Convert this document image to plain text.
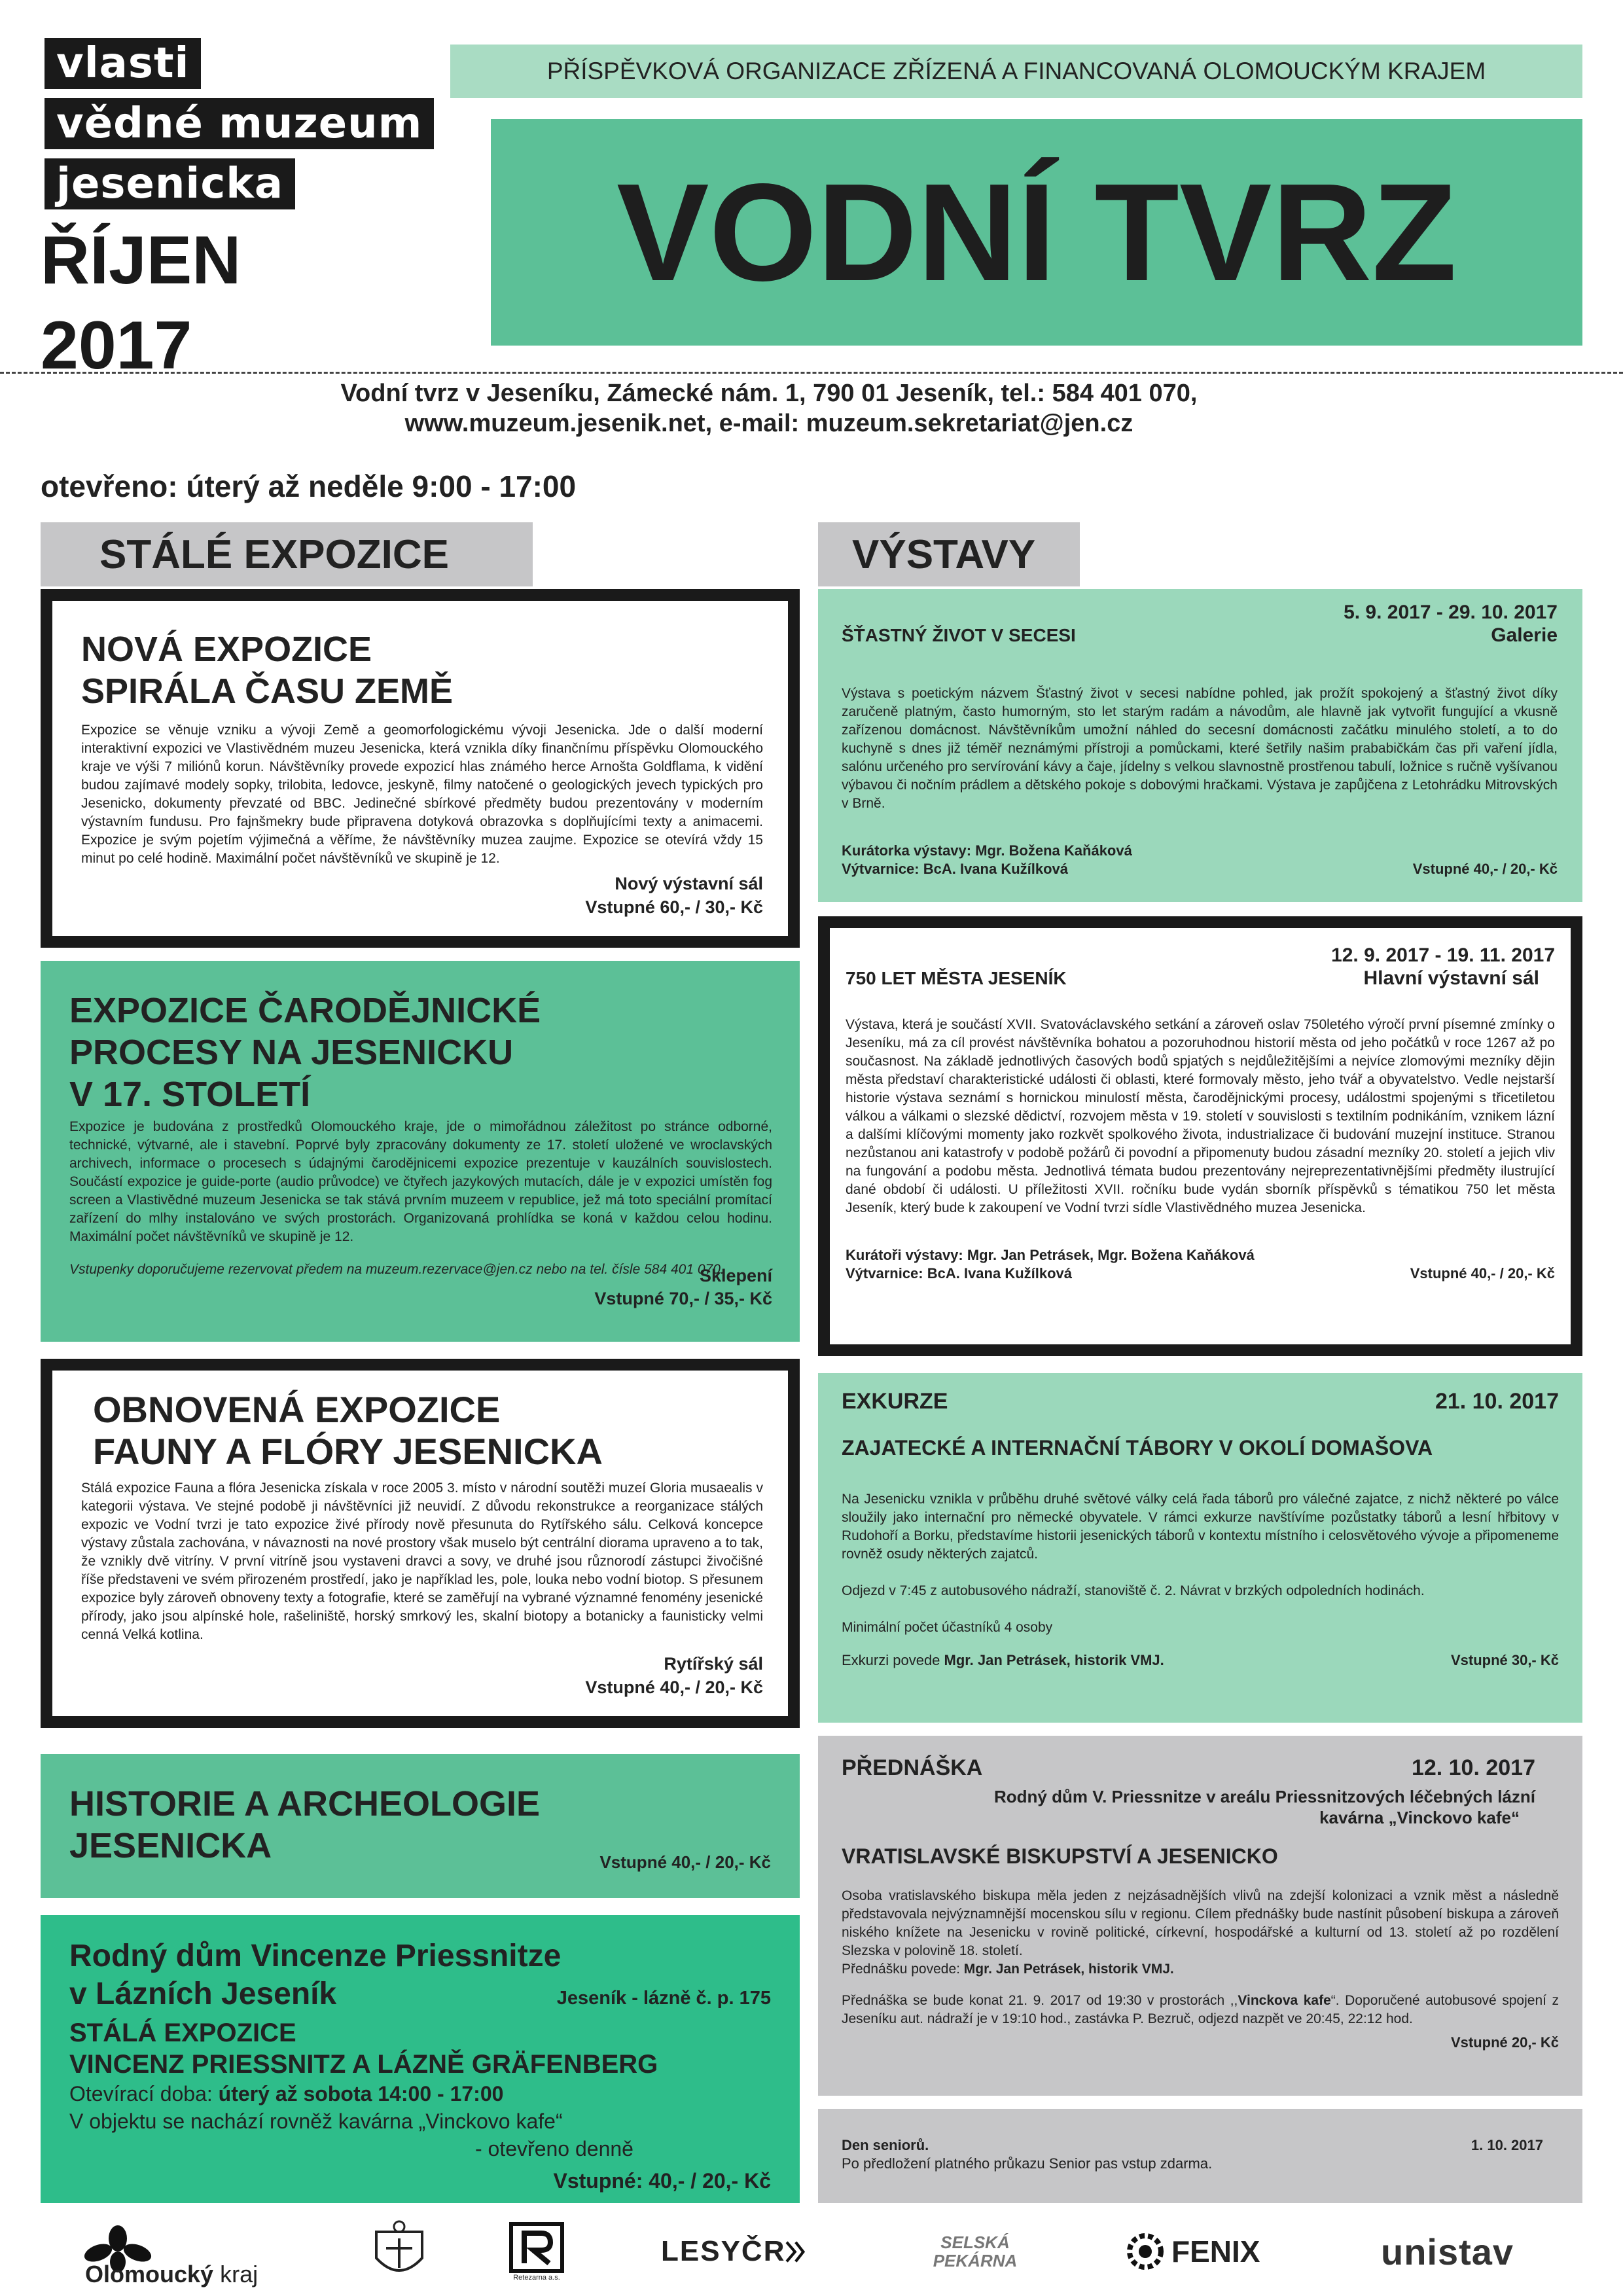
vlasti
vědné muzeum
jesenicka
ŘÍJEN
2017
PŘÍSPĚVKOVÁ ORGANIZACE ZŘÍZENÁ A FINANCOVANÁ OLOMOUCKÝM KRAJEM
VODNÍ TVRZ
Vodní tvrz v Jeseníku, Zámecké nám. 1, 790 01 Jeseník, tel.: 584 401 070,
www.muzeum.jesenik.net, e-mail: muzeum.sekretariat@jen.cz
otevřeno: úterý až neděle 9:00 - 17:00
STÁLÉ EXPOZICE
NOVÁ EXPOZICE
SPIRÁLA ČASU ZEMĚ

Expozice se věnuje vzniku a vývoji Země a geomorfologickému vývoji Jesenicka. Jde o další moderní interaktivní expozici ve Vlastivědném muzeu Jesenicka, která vznikla díky finančnímu příspěvku Olomouckého kraje ve výši 7 miliónů korun. Návštěvníky provede expozicí hlas známého herce Arnošta Goldflama, k vidění budou zajímavé modely sopky, trilobita, ledovce, jeskyně, filmy natočené o geologických jevech typických pro Jesenicko, dokumenty převzaté od BBC. Jedinečné sbírkové předměty budou prezentovány v moderním výstavním fundusu. Pro fajnšmekry bude připravena dotyková obrazovka s doplňujícími texty a animacemi. Expozice je svým pojetím výjimečná a věříme, že návštěvníky muzea zaujme. Expozice se otevírá vždy 15 minut po celé hodině. Maximální počet návštěvníků ve skupině je 12.

Nový výstavní sál
Vstupné 60,- / 30,- Kč
EXPOZICE ČARODĚJNICKÉ
PROCESY NA JESENICKU
V 17. STOLETÍ

Expozice je budována z prostředků Olomouckého kraje, jde o mimořádnou záležitost po stránce odborné, technické, výtvarné, ale i stavební. Poprvé byly zpracovány dokumenty ze 17. století uložené ve wroclavských archivech, informace o procesech s údajnými čarodějnicemi expozice prezentuje v kauzálních souvislostech. Součástí expozice je guide-porte (audio průvodce) ve čtyřech jazykových mutacích, dále je v expozici umístěn fog screen a Vlastivědné muzeum Jesenicka se tak stává prvním muzeem v republice, jež má toto speciální promítací zařízení do mlhy instalováno ve svých prostorách. Organizovaná prohlídka se koná v každou celou hodinu. Maximální počet návštěvníků ve skupině je 12.

Vstupenky doporučujeme rezervovat předem na muzeum.rezervace@jen.cz nebo na tel. čísle 584 401 070.

Sklepení
Vstupné 70,- / 35,- Kč
OBNOVENÁ EXPOZICE
FAUNY A FLÓRY JESENICKA

Stálá expozice Fauna a flóra Jesenicka získala v roce 2005 3. místo v národní soutěži muzeí Gloria musaealis v kategorii výstava. Ve stejné podobě ji návštěvníci již neuvidí. Z důvodu rekonstrukce a reorganizace stálých expozic ve Vodní tvrzi je tato expozice živé přírody nově přesunuta do Rytířského sálu. Celková koncepce výstavy zůstala zachována, v návaznosti na nové prostory však muselo být centrální diorama upraveno a to tak, že vznikly dvě vitríny. V první vitríně jsou vystaveni dravci a sovy, ve druhé jsou různorodí zástupci živočišné říše představeni ve svém přirozeném prostředí, jako je například les, pole, louka nebo vodní biotop. S přesunem expozice byly zároveň obnoveny texty a fotografie, které se zaměřují na vybrané významné fenomény jesenické přírody, jako jsou alpínské hole, rašeliniště, horský smrkový les, skalní biotopy a botanicky a faunisticky velmi cenná Velká kotlina.

Rytířský sál
Vstupné 40,- / 20,- Kč
HISTORIE A ARCHEOLOGIE
JESENICKA	Vstupné 40,- / 20,- Kč
Rodný dům Vincenze Priessnitze
v Lázních Jeseník	Jeseník - lázně č. p. 175
STÁLÁ EXPOZICE
VINCENZ PRIESSNITZ A LÁZNĚ GRÄFENBERG
Otevírací doba: úterý až sobota 14:00 - 17:00
V objektu se nachází rovněž kavárna „Vinckovo kafe“
- otevřeno denně
Vstupné: 40,- / 20,- Kč
VÝSTAVY
5. 9. 2017 - 29. 10. 2017
ŠŤASTNÝ ŽIVOT V SECESI	Galerie

Výstava s poetickým názvem Šťastný život v secesi nabídne pohled, jak prožít spokojený a šťastný život díky zaručeně platným, často humorným, sto let starým radám a návodům, ale hlavně jak vytvořit fungující a vkusně zařízenou domácnost. Návštěvníkům umožní náhled do secesní domácnosti začátku minulého století, a to do kuchyně s dnes již téměř neznámými přístroji a pomůckami, které šetřily našim prababičkám čas při vaření jídla, salónu určeného pro servírování kávy a čaje, jídelny s velkou slavnostně prostřenou tabulí, ložnice s ručně vyšívanou výbavou či nočním prádlem a dětského pokoje s dobovými hračkami. Výstava je zapůjčena z Letohrádku Mitrovských v Brně.

Kurátorka výstavy: Mgr. Božena Kaňáková
Výtvarnice: BcA. Ivana Kužílková	Vstupné 40,- / 20,- Kč
12. 9. 2017 - 19. 11. 2017
750 LET MĚSTA JESENÍK	Hlavní výstavní sál

Výstava, která je součástí XVII. Svatováclavského setkání a zároveň oslav 750letého výročí první písemné zmínky o Jeseníku, má za cíl provést návštěvníka bohatou a pozoruhodnou historií města od jeho počátků v roce 1267 až po současnost. Na základě jednotlivých časových bodů spjatých s nejdůležitějšími a nejvíce zlomovými mezníky dějin města představí charakteristické události či oblasti, které formovaly město, jeho tvář a obyvatelstvo. Vedle nejstarší historie výstava seznámí s hornickou minulostí města, čarodějnickými procesy, událostmi spojenými s třicetiletou válkou a válkami o slezské dědictví, rozvojem města v 19. století v souvislosti s textilním podnikáním, vznikem lázní a dalšími klíčovými momenty jako rozkvět spolkového života, industrializace či budování muzejní instituce. Stranou nezůstanou ani katastrofy v podobě požárů či povodní a připomenuty budou zásadní mezníky 20. století a jejich vliv na fungování a podobu města. Jednotlivá témata budou prezentovány nejreprezentativnějšími předměty ilustrující dané období či události. U příležitosti XVII. ročníku bude vydán sborník příspěvků s tématikou 750 let města Jeseník, který bude k zakoupení ve Vodní tvrzi sídle Vlastivědného muzea Jesenicka.

Kurátoři výstavy: Mgr. Jan Petrásek, Mgr. Božena Kaňáková
Výtvarnice: BcA. Ivana Kužílková	Vstupné 40,- / 20,- Kč
EXKURZE	21. 10. 2017
ZAJATECKÉ A INTERNAČNÍ TÁBORY V OKOLÍ DOMAŠOVA

Na Jesenicku vznikla v průběhu druhé světové války celá řada táborů pro válečné zajatce, z nichž některé po válce sloužily jako internační pro německé obyvatele. V rámci exkurze navštívíme pozůstatky táborů a lesní hřbitovy v Rudohoří a Borku, představíme historii jesenických táborů v kontextu místního i celosvětového vývoje a připomeneme rovněž osudy některých zajatců.

Odjezd v 7:45 z autobusového nádraží, stanoviště č. 2. Návrat v brzkých odpoledních hodinách.

Minimální počet účastníků 4 osoby

Exkurzi povede Mgr. Jan Petrásek, historik VMJ.	Vstupné 30,- Kč
PŘEDNÁŠKA	12. 10. 2017
Rodný dům V. Priessnitze v areálu Priessnitzových léčebných lázní
kavárna „Vinckovo kafe“
VRATISLAVSKÉ BISKUPSTVÍ A JESENICKO

Osoba vratislavského biskupa měla jeden z nejzásadnějších vlivů na zdejší kolonizaci a vznik měst a následně představovala nejvýznamnější mocenskou sílu v regionu. Cílem přednášky bude nastínit působení biskupa a zároveň niského knížete na Jesenicku v rovině politické, církevní, hospodářské a kulturní od 13. století až po rozdělení Slezska v polovině 18. století.

Přednášku povede: Mgr. Jan Petrásek, historik VMJ.

Přednáška se bude konat 21. 9. 2017 od 19:30 v prostorách ,,Vinckova kafe“. Doporučené autobusové spojení z Jeseníku aut. nádraží je v 19:10 hod., zastávka P. Bezruč, odjezd nazpět ve 20:45, 22:12 hod.

Vstupné 20,- Kč
Den seniorů.	1. 10. 2017
Po předložení platného průkazu Senior pas vstup zdarma.
Olomoucký kraj	Retezarna a.s.
LESYČR	SELSKÁ
PEKÁRNA	FENIX	unistav
